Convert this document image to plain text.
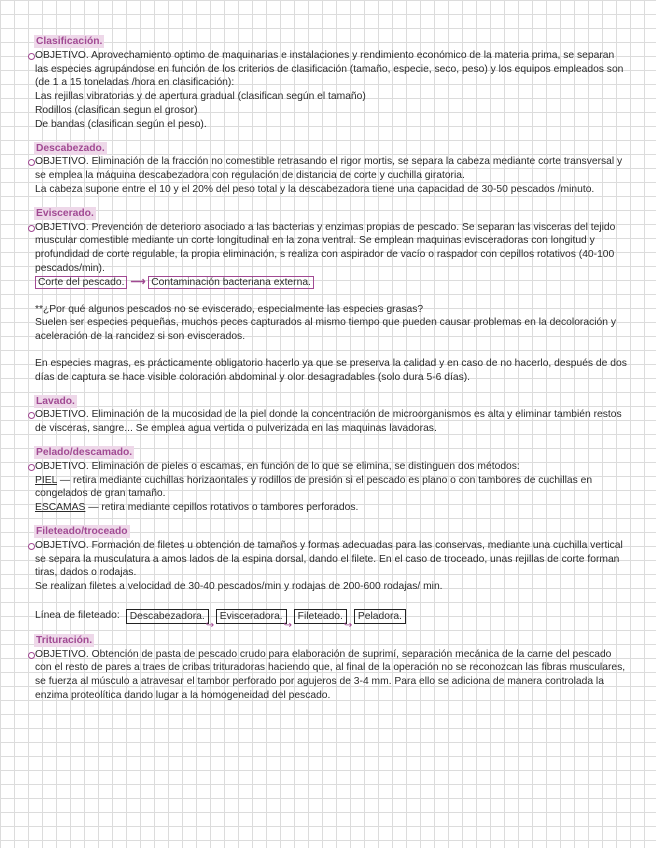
Clasificación.

OBJETIVO. Aprovechamiento optimo de maquinarias e instalaciones y rendimiento económico de la materia prima, se separan las especies agrupándose en función de los criterios de clasificación (tamaño, especie, seco, peso) y los equipos empleados son (de 1 a 15 toneladas /hora en clasificación):

Las rejillas vibratorias y de apertura gradual (clasifican según el tamaño)

Rodillos (clasifican segun el grosor)

De bandas (clasifican según el peso).

Descabezado.

OBJETIVO. Eliminación de la fracción no comestible retrasando el rigor mortis, se separa la cabeza mediante corte transversal y se emplea la máquina descabezadora con regulación de distancia de corte y cuchilla giratoria.

La cabeza supone entre el 10 y el 20% del peso total y la descabezadora tiene una capacidad de 30-50 pescados /minuto.

Eviscerado.

OBJETIVO. Prevención de deterioro asociado a las bacterias y enzimas propias de pescado. Se separan las visceras del tejido muscular comestible mediante un corte longitudinal en la zona ventral. Se emplean maquinas evisceradoras con longitud y profundidad de corte regulable, la propia eliminación, s realiza con aspirador de vacío o raspador con cepillos rotativos (40-100 pescados/min).

Corte del pescado. ⟶ Contaminación bacteriana externa.

**¿Por qué algunos pescados no se eviscerado, especialmente las especies grasas?

Suelen ser especies pequeñas, muchos peces capturados al mismo tiempo que pueden causar problemas en la decoloración y aceleración de la rancidez si son eviscerados.

En especies magras, es prácticamente obligatorio hacerlo ya que se preserva la calidad y en caso de no hacerlo, después de dos días de captura se hace visible coloración abdominal y olor desagradables (solo dura 5-6 días).

Lavado.

OBJETIVO. Eliminación de la mucosidad de la piel donde la concentración de microorganismos es alta y eliminar también restos de visceras, sangre... Se emplea agua vertida o pulverizada en las maquinas lavadoras.

Pelado/descamado.

OBJETIVO. Eliminación de pieles o escamas, en función de lo que se elimina, se distinguen dos métodos:

PIEL — retira mediante cuchillas horizaontales y rodillos de presión si el pescado es plano o con tambores de cuchillas en congelados de gran tamaño.

ESCAMAS — retira mediante cepillos rotativos o tambores perforados.

Fileteado/troceado

OBJETIVO. Formación de filetes u obtención de tamaños y formas adecuadas para las conservas, mediante una cuchilla vertical se separa la musculatura a amos lados de la espina dorsal, dando el filete. En el caso de troceado, unas rejillas de corte forman tiras, dados o rodajas.

Se realizan filetes a velocidad de 30-40 pescados/min y rodajas de 200-600 rodajas/ min.

Línea de fileteado: Descabezadora.	↪ Evisceradora.	↪ Fileteado.	↪ Peladora.
Trituración.

OBJETIVO. Obtención de pasta de pescado crudo para elaboración de suprimí, separación mecánica de la carne del pescado con el resto de pares a traes de cribas trituradoras haciendo que, al final de la operación no se reconozcan las fibras musculares, se fuerza al músculo a atravesar el tambor perforado por agujeros de 3-4 mm. Para ello se adiciona de manera controlada la enzima proteolítica dando lugar a la homogeneidad del pescado.
